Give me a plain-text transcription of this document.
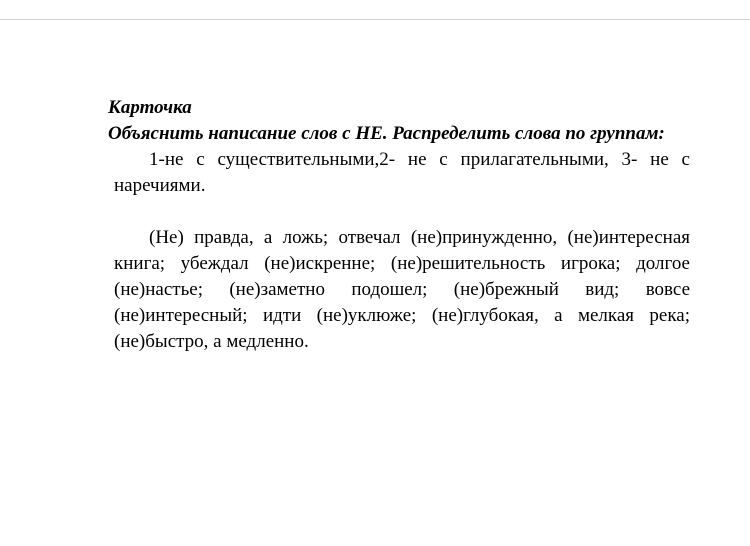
Карточка

Объяснить написание слов с НЕ. Распределить слова по группам:

1-не с существительными,2- не с прилагательными, 3- не с наречиями.

(Не) правда, а ложь; отвечал (не)принужденно, (не)интересная книга; убеждал (не)искренне; (не)решительность игрока; долгое (не)настье; (не)заметно подошел; (не)брежный вид; вовсе (не)интересный; идти (не)уклюже; (не)глубокая, а мелкая река; (не)быстро, а медленно.
